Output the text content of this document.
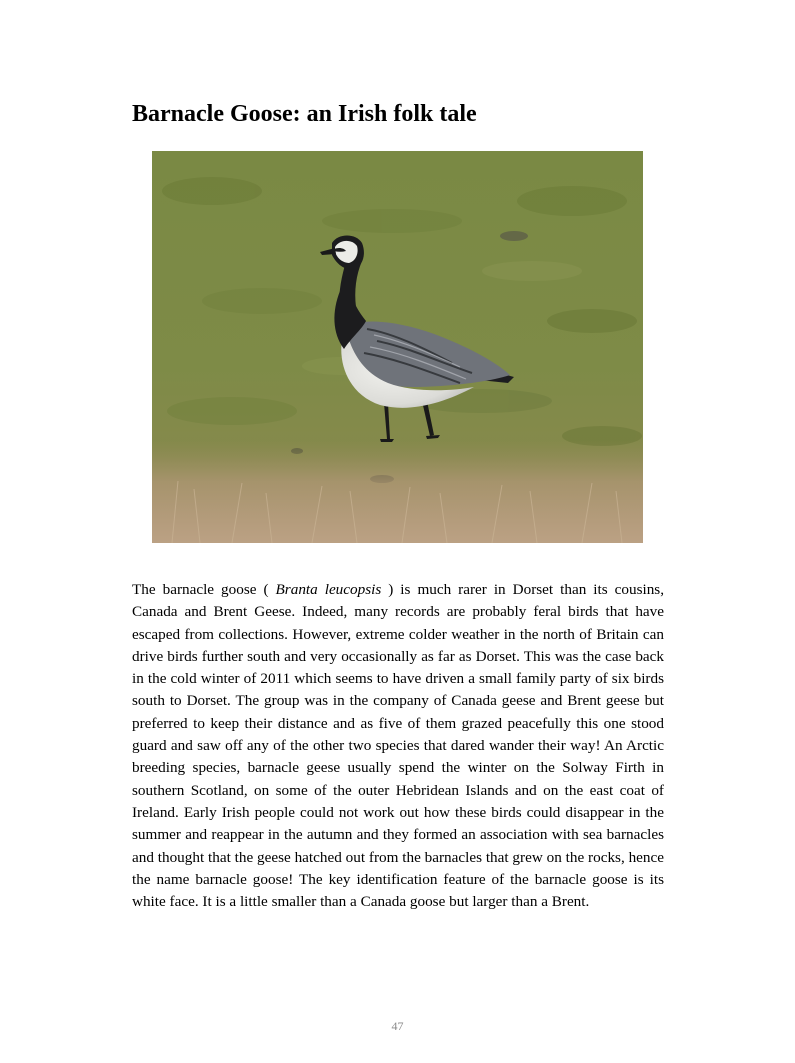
Barnacle Goose: an Irish folk tale

The barnacle goose ( Branta leucopsis ) is much rarer in Dorset than its cousins, Canada and Brent Geese. Indeed, many records are probably feral birds that have escaped from collections. However, extreme colder weather in the north of Britain can drive birds further south and very occasionally as far as Dorset. This was the case back in the cold winter of 2011 which seems to have driven a small family party of six birds south to Dorset. The group was in the company of Canada geese and Brent geese but preferred to keep their distance and as five of them grazed peacefully this one stood guard and saw off any of the other two species that dared wander their way! An Arctic breeding species, barnacle geese usually spend the winter on the Solway Firth in southern Scotland, on some of the outer Hebridean Islands and on the east coat of Ireland. Early Irish people could not work out how these birds could disappear in the summer and reappear in the autumn and they formed an association with sea barnacles and thought that the geese hatched out from the barnacles that grew on the rocks, hence the name barnacle goose! The key identification feature of the barnacle goose is its white face. It is a little smaller than a Canada goose but larger than a Brent.

47
